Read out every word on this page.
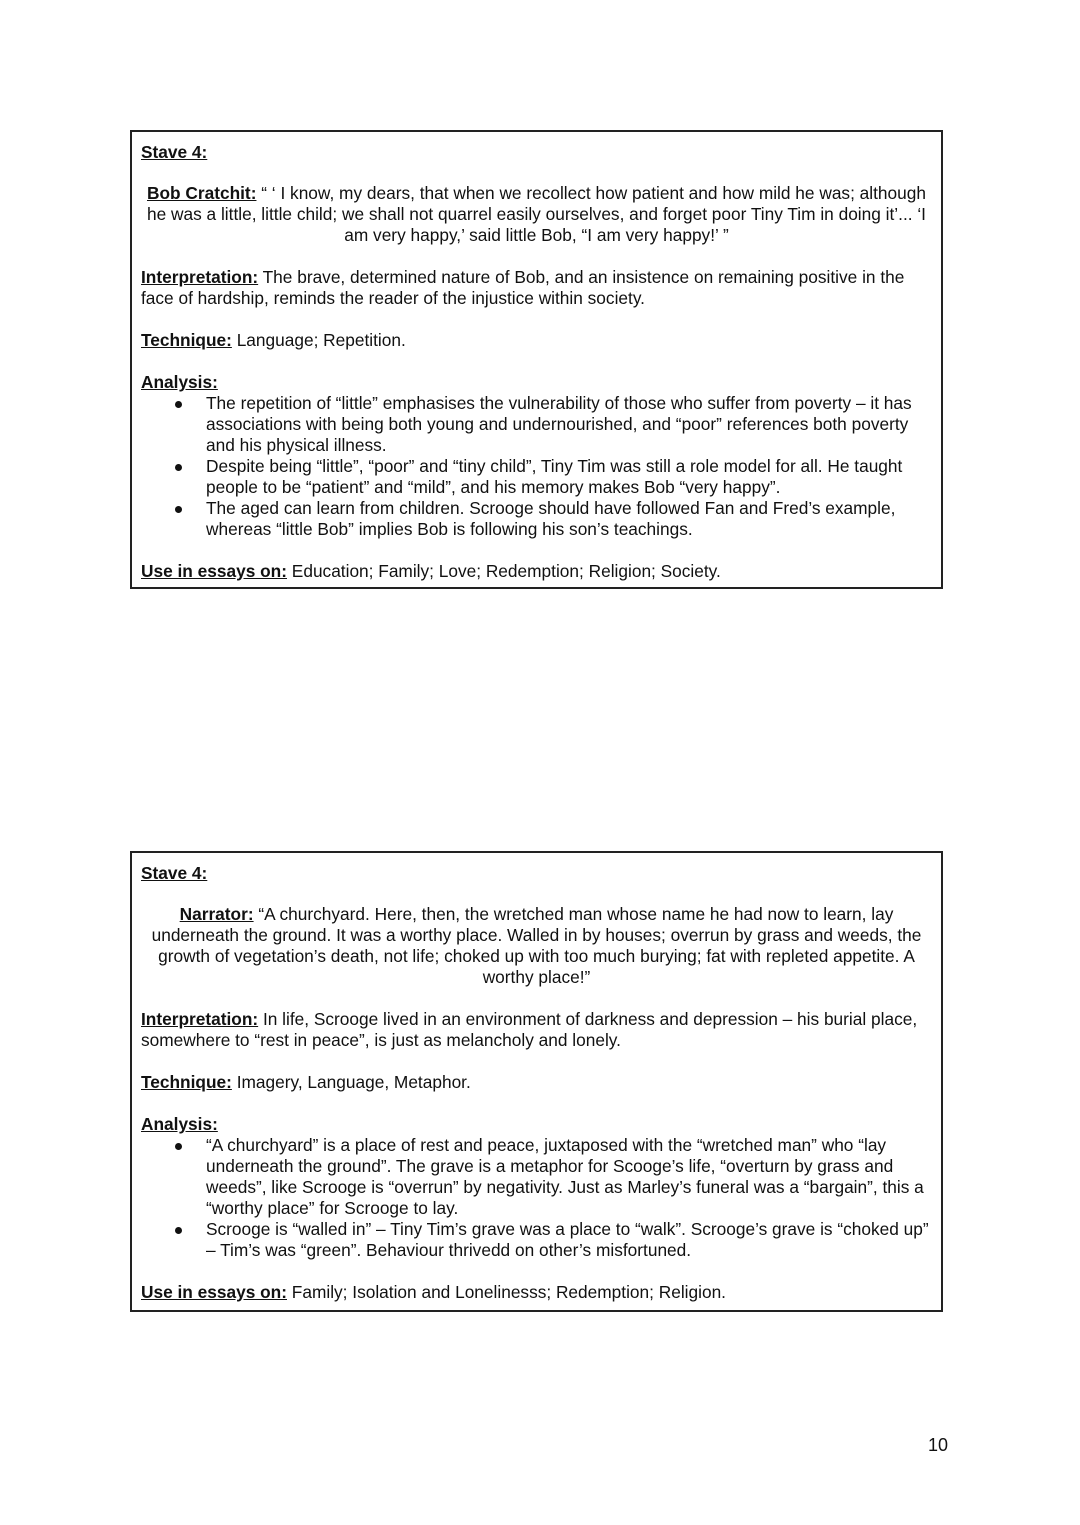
Stave 4:
Bob Cratchit: “ ‘ I know, my dears, that when we recollect how patient and how mild he was; although he was a little, little child; we shall not quarrel easily ourselves, and forget poor Tiny Tim in doing it’... ‘I am very happy,’ said little Bob, “I am very happy!’ ”
Interpretation: The brave, determined nature of Bob, and an insistence on remaining positive in the face of hardship, reminds the reader of the injustice within society.
Technique: Language; Repetition.
Analysis:
The repetition of “little” emphasises the vulnerability of those who suffer from poverty – it has associations with being both young and undernourished, and “poor” references both poverty and his physical illness.
Despite being “little”, “poor” and “tiny child”, Tiny Tim was still a role model for all. He taught people to be “patient” and “mild”, and his memory makes Bob “very happy”.
The aged can learn from children. Scrooge should have followed Fan and Fred’s example, whereas “little Bob” implies Bob is following his son’s teachings.
Use in essays on: Education; Family; Love; Redemption; Religion; Society.
Stave 4:
Narrator: “A churchyard. Here, then, the wretched man whose name he had now to learn, lay underneath the ground. It was a worthy place. Walled in by houses; overrun by grass and weeds, the growth of vegetation’s death, not life; choked up with too much burying; fat with repleted appetite. A worthy place!”
Interpretation: In life, Scrooge lived in an environment of darkness and depression – his burial place, somewhere to “rest in peace”, is just as melancholy and lonely.
Technique: Imagery, Language, Metaphor.
Analysis:
“A churchyard” is a place of rest and peace, juxtaposed with the “wretched man” who “lay underneath the ground”. The grave is a metaphor for Scooge’s life, “overturn by grass and weeds”, like Scrooge is “overrun” by negativity. Just as Marley’s funeral was a “bargain”, this a “worthy place” for Scrooge to lay.
Scrooge is “walled in” – Tiny Tim’s grave was a place to “walk”. Scrooge’s grave is “choked up” – Tim’s was “green”. Behaviour thrivedd on other’s misfortuned.
Use in essays on: Family; Isolation and Lonelinesss; Redemption; Religion.
10
